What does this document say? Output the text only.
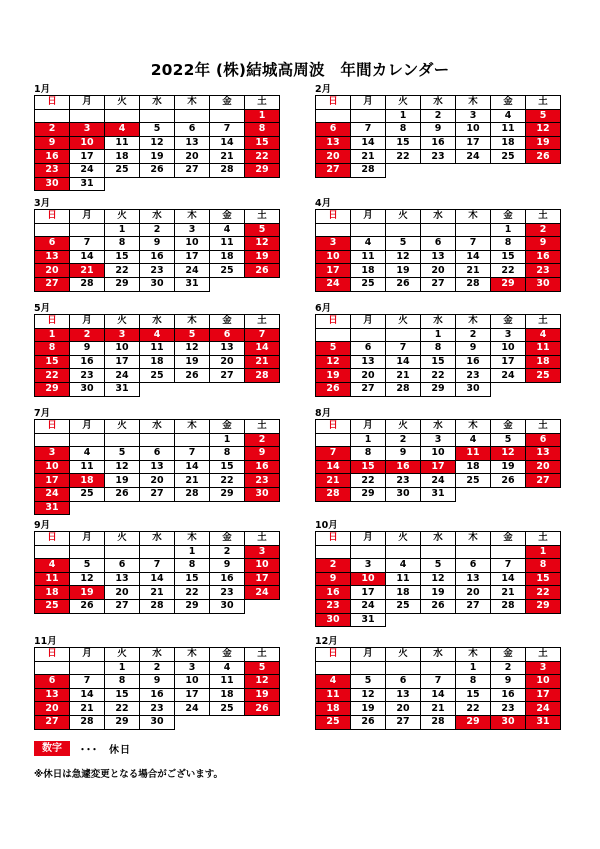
2022年 (株)結城高周波　年間カレンダー
1月
日	月	火	水	木	金	土
						1
2	3	4	5	6	7	8
9	10	11	12	13	14	15
16	17	18	19	20	21	22
23	24	25	26	27	28	29
30	31					
2月
日	月	火	水	木	金	土
		1	2	3	4	5
6	7	8	9	10	11	12
13	14	15	16	17	18	19
20	21	22	23	24	25	26
27	28					
3月
日	月	火	水	木	金	土
		1	2	3	4	5
6	7	8	9	10	11	12
13	14	15	16	17	18	19
20	21	22	23	24	25	26
27	28	29	30	31		
4月
日	月	火	水	木	金	土
					1	2
3	4	5	6	7	8	9
10	11	12	13	14	15	16
17	18	19	20	21	22	23
24	25	26	27	28	29	30
5月
日	月	火	水	木	金	土
1	2	3	4	5	6	7
8	9	10	11	12	13	14
15	16	17	18	19	20	21
22	23	24	25	26	27	28
29	30	31				
6月
日	月	火	水	木	金	土
			1	2	3	4
5	6	7	8	9	10	11
12	13	14	15	16	17	18
19	20	21	22	23	24	25
26	27	28	29	30		
7月
日	月	火	水	木	金	土
					1	2
3	4	5	6	7	8	9
10	11	12	13	14	15	16
17	18	19	20	21	22	23
24	25	26	27	28	29	30
31						
8月
日	月	火	水	木	金	土
	1	2	3	4	5	6
7	8	9	10	11	12	13
14	15	16	17	18	19	20
21	22	23	24	25	26	27
28	29	30	31			
9月
日	月	火	水	木	金	土
				1	2	3
4	5	6	7	8	9	10
11	12	13	14	15	16	17
18	19	20	21	22	23	24
25	26	27	28	29	30	
10月
日	月	火	水	木	金	土
						1
2	3	4	5	6	7	8
9	10	11	12	13	14	15
16	17	18	19	20	21	22
23	24	25	26	27	28	29
30	31					
11月
日	月	火	水	木	金	土
		1	2	3	4	5
6	7	8	9	10	11	12
13	14	15	16	17	18	19
20	21	22	23	24	25	26
27	28	29	30			
12月
日	月	火	水	木	金	土
				1	2	3
4	5	6	7	8	9	10
11	12	13	14	15	16	17
18	19	20	21	22	23	24
25	26	27	28	29	30	31
数字	･･･　休日
※休日は急遽変更となる場合がございます。
